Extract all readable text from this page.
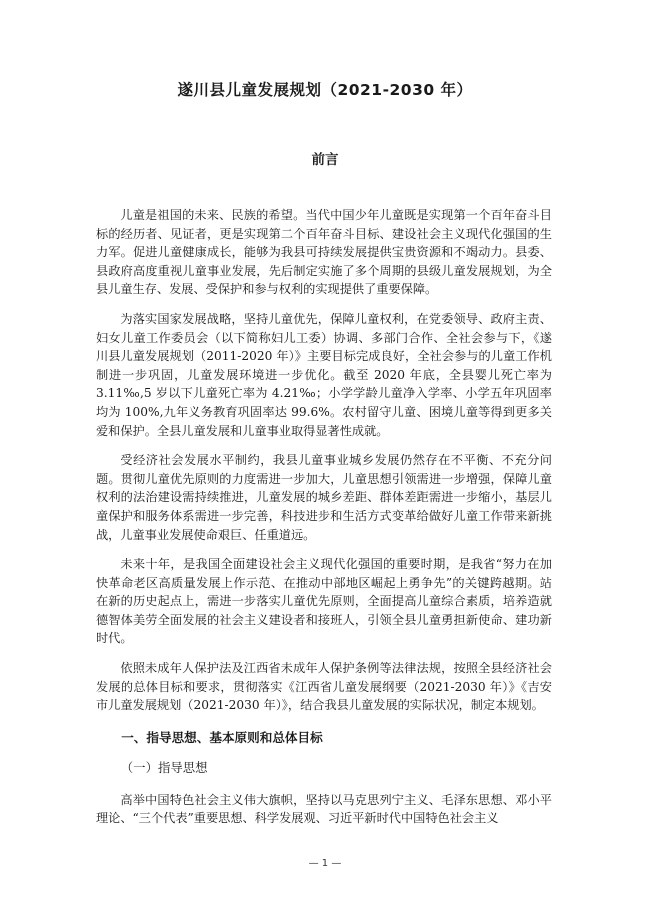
遂川县儿童发展规划（2021-2030 年）
前言

儿童是祖国的未来、民族的希望。当代中国少年儿童既是实现第一个百年奋斗目标的经历者、见证者，更是实现第二个百年奋斗目标、建设社会主义现代化强国的生力军。促进儿童健康成长，能够为我县可持续发展提供宝贵资源和不竭动力。县委、县政府高度重视儿童事业发展，先后制定实施了多个周期的县级儿童发展规划，为全县儿童生存、发展、受保护和参与权利的实现提供了重要保障。

为落实国家发展战略，坚持儿童优先，保障儿童权利，在党委领导、政府主责、妇女儿童工作委员会（以下简称妇儿工委）协调、多部门合作、全社会参与下，《遂川县儿童发展规划（2011-2020 年）》主要目标完成良好，全社会参与的儿童工作机制进一步巩固，儿童发展环境进一步优化。截至 2020 年底，全县婴儿死亡率为 3.11‰,5 岁以下儿童死亡率为 4.21‰；小学学龄儿童净入学率、小学五年巩固率均为 100%,九年义务教育巩固率达 99.6%。农村留守儿童、困境儿童等得到更多关爱和保护。全县儿童发展和儿童事业取得显著性成就。

受经济社会发展水平制约，我县儿童事业城乡发展仍然存在不平衡、不充分问题。贯彻儿童优先原则的力度需进一步加大，儿童思想引领需进一步增强，保障儿童权利的法治建设需持续推进，儿童发展的城乡差距、群体差距需进一步缩小，基层儿童保护和服务体系需进一步完善，科技进步和生活方式变革给做好儿童工作带来新挑战，儿童事业发展使命艰巨、任重道远。

未来十年，是我国全面建设社会主义现代化强国的重要时期，是我省“努力在加快革命老区高质量发展上作示范、在推动中部地区崛起上勇争先”的关键跨越期。站在新的历史起点上，需进一步落实儿童优先原则，全面提高儿童综合素质，培养造就德智体美劳全面发展的社会主义建设者和接班人，引领全县儿童勇担新使命、建功新时代。

依照未成年人保护法及江西省未成年人保护条例等法律法规，按照全县经济社会发展的总体目标和要求，贯彻落实《江西省儿童发展纲要（2021-2030 年）》《吉安市儿童发展规划（2021-2030 年）》，结合我县儿童发展的实际状况，制定本规划。

一、指导思想、基本原则和总体目标

（一）指导思想

高举中国特色社会主义伟大旗帜，坚持以马克思列宁主义、毛泽东思想、邓小平理论、“三个代表”重要思想、科学发展观、习近平新时代中国特色社会主义

— 1 —
